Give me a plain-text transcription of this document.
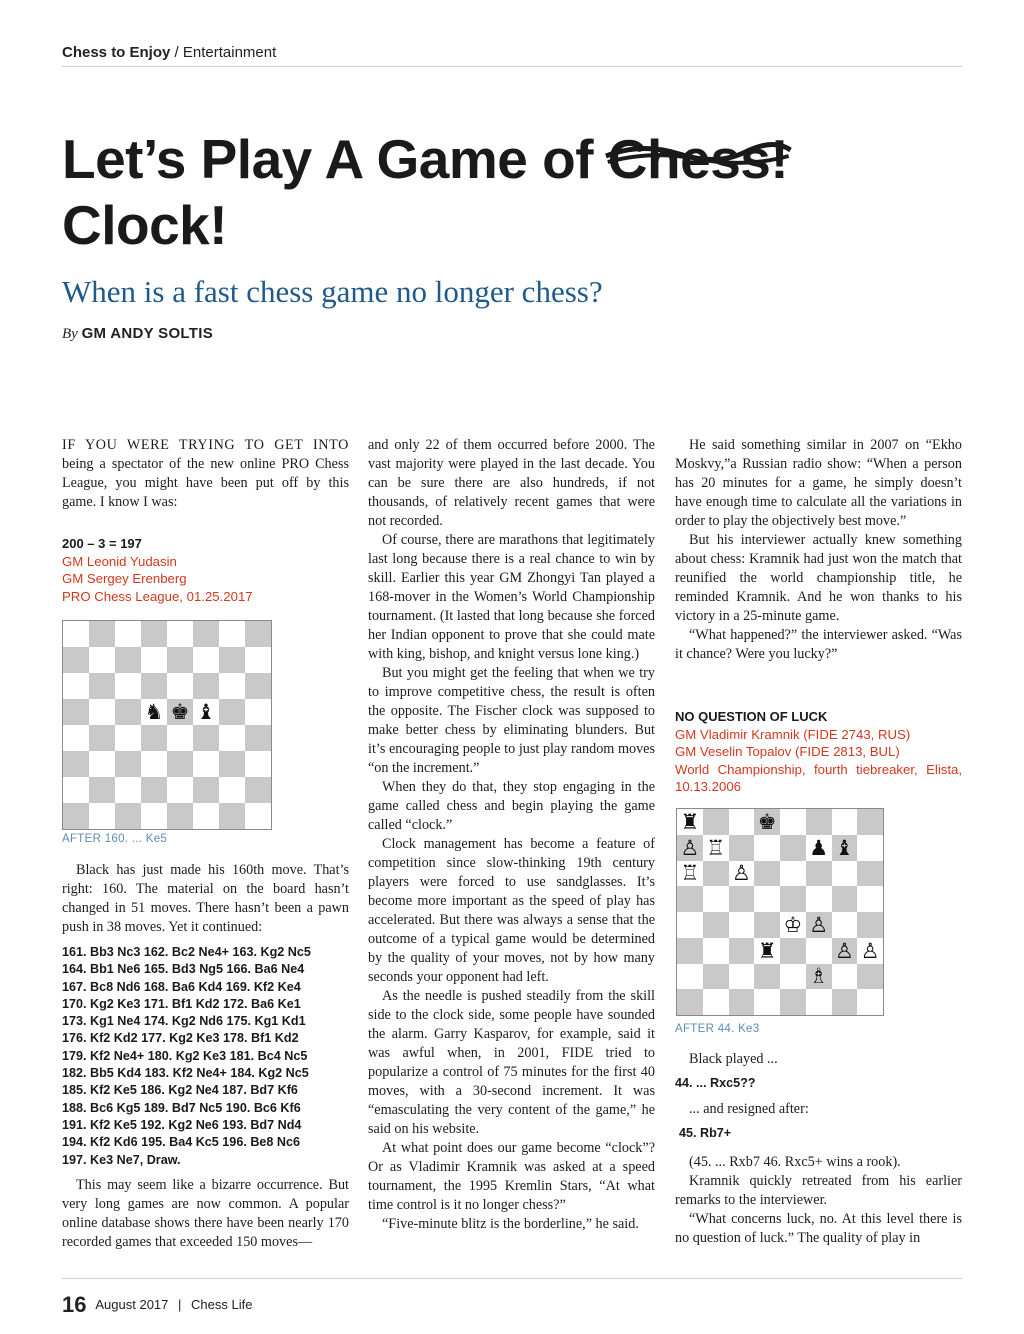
Chess to Enjoy / Entertainment
Let’s Play A Game of Chess!

Clock!
When is a fast chess game no longer chess?
By GM ANDY SOLTIS

IF YOU WERE TRYING TO GET INTO being a spectator of the new online PRO Chess League, you might have been put off by this game. I know I was:

200 – 3 = 197
GM Leonid Yudasin
GM Sergey Erenberg
PRO Chess League, 01.25.2017
♞ ♚ ♝
AFTER 160. ... Ke5

Black has just made his 160th move. That’s right: 160. The material on the board hasn’t changed in 51 moves. There hasn’t been a pawn push in 38 moves. Yet it continued:

161. Bb3 Nc3 162. Bc2 Ne4+ 163. Kg2 Nc5
164. Bb1 Ne6 165. Bd3 Ng5 166. Ba6 Ne4
167. Bc8 Nd6 168. Ba6 Kd4 169. Kf2 Ke4
170. Kg2 Ke3 171. Bf1 Kd2 172. Ba6 Ke1
173. Kg1 Ne4 174. Kg2 Nd6 175. Kg1 Kd1
176. Kf2 Kd2 177. Kg2 Ke3 178. Bf1 Kd2
179. Kf2 Ne4+ 180. Kg2 Ke3 181. Bc4 Nc5
182. Bb5 Kd4 183. Kf2 Ne4+ 184. Kg2 Nc5
185. Kf2 Ke5 186. Kg2 Ne4 187. Bd7 Kf6
188. Bc6 Kg5 189. Bd7 Nc5 190. Bc6 Kf6
191. Kf2 Ke5 192. Kg2 Ne6 193. Bd7 Nd4
194. Kf2 Kd6 195. Ba4 Kc5 196. Be8 Nc6
197. Ke3 Ne7, Draw.

This may seem like a bizarre occurrence. But very long games are now common. A popular online database shows there have been nearly 170 recorded games that exceeded 150 moves—

and only 22 of them occurred before 2000. The vast majority were played in the last decade. You can be sure there are also hundreds, if not thousands, of relatively recent games that were not recorded.

Of course, there are marathons that legitimately last long because there is a real chance to win by skill. Earlier this year GM Zhongyi Tan played a 168-mover in the Women’s World Championship tournament. (It lasted that long because she forced her Indian opponent to prove that she could mate with king, bishop, and knight versus lone king.)

But you might get the feeling that when we try to improve competitive chess, the result is often the opposite. The Fischer clock was supposed to make better chess by eliminating blunders. But it’s encouraging people to just play random moves “on the increment.”

When they do that, they stop engaging in the game called chess and begin playing the game called “clock.”

Clock management has become a feature of competition since slow-thinking 19th century players were forced to use sandglasses. It’s become more important as the speed of play has accelerated. But there was always a sense that the outcome of a typical game would be determined by the quality of your moves, not by how many seconds your opponent had left.

As the needle is pushed steadily from the skill side to the clock side, some people have sounded the alarm. Garry Kasparov, for example, said it was awful when, in 2001, FIDE tried to popularize a control of 75 minutes for the first 40 moves, with a 30-second increment. It was “emasculating the very content of the game,” he said on his website.

At what point does our game become “clock”? Or as Vladimir Kramnik was asked at a speed tournament, the 1995 Kremlin Stars, “At what time control is it no longer chess?”

“Five-minute blitz is the borderline,” he said.

He said something similar in 2007 on “Ekho Moskvy,”a Russian radio show: “When a person has 20 minutes for a game, he simply doesn’t have enough time to calculate all the variations in order to play the objectively best move.”

But his interviewer actually knew something about chess: Kramnik had just won the match that reunified the world championship title, he reminded Kramnik. And he won thanks to his victory in a 25-minute game.

“What happened?” the interviewer asked. “Was it chance? Were you lucky?”

NO QUESTION OF LUCK
GM Vladimir Kramnik (FIDE 2743, RUS)
GM Veselin Topalov (FIDE 2813, BUL)
World Championship, fourth tiebreaker, Elista, 10.13.2006
♜	♚
♙ ♖	♟ ♝
♖ ♙
♔ ♙
♜	♙ ♙
♗
AFTER 44. Ke3

Black played ...

44. ... Rxc5??

... and resigned after:

45. Rb7+

(45. ... Rxb7 46. Rxc5+ wins a rook).

Kramnik quickly retreated from his earlier remarks to the interviewer.

“What concerns luck, no. At this level there is no question of luck.” The quality of play in

16 August 2017 | Chess Life
